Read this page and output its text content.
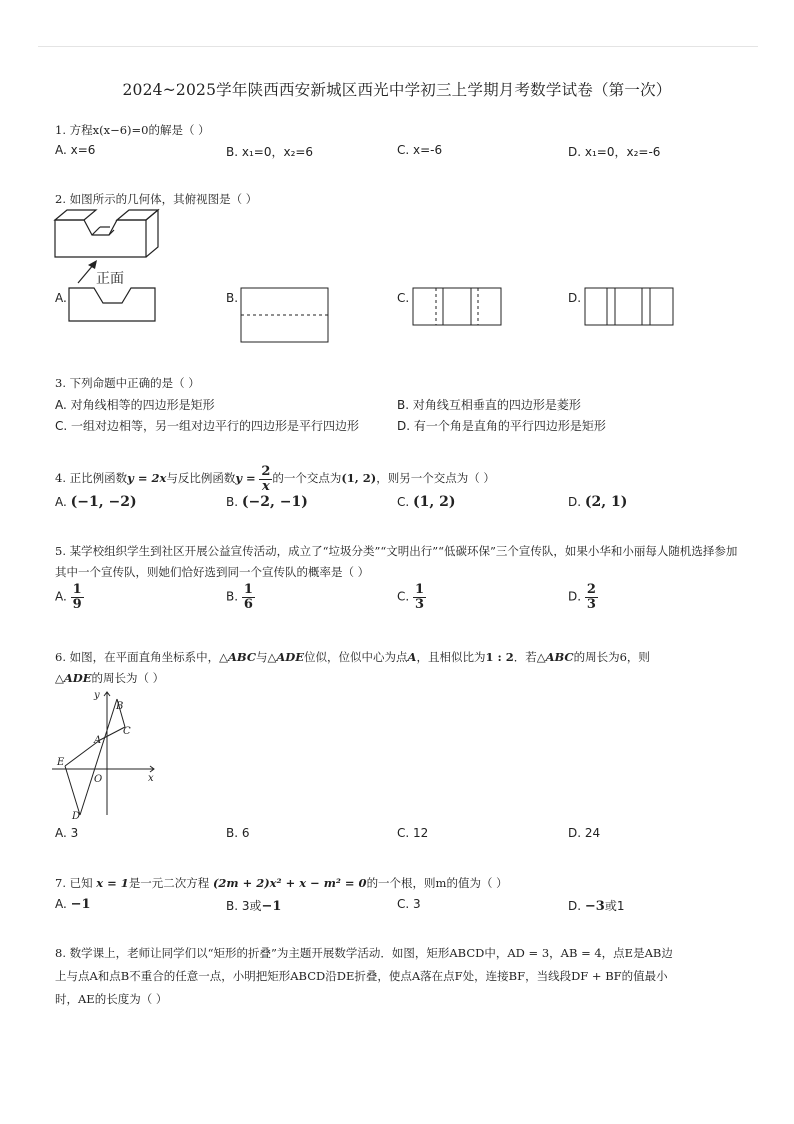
2024~2025学年陕西西安新城区西光中学初三上学期月考数学试卷（第一次）
1. 方程x(x−6)=0的解是（ ）
A. x=6	B. x₁=0，x₂=6	C. x=-6	D. x₁=0，x₂=-6
2. 如图所示的几何体，其俯视图是（ ）
正面
A.	B.	C.	D.
3. 下列命题中正确的是（ ）
A. 对角线相等的四边形是矩形	B. 对角线互相垂直的四边形是菱形
C. 一组对边相等，另一组对边平行的四边形是平行四边形	D. 有一个角是直角的平行四边形是矩形
4. 正比例函数y = 2x与反比例函数$y = \frac{2}{x}$ 的一个交点为(1, 2)，则另一个交点为（ ）
A. (−1, −2)	B. (−2, −1)	C. (1, 2)	D. (2, 1)
5. 某学校组织学生到社区开展公益宣传活动，成立了“垃圾分类”“文明出行”“低碳环保”三个宣传队，如果小华和小丽每人随机选择参加其中一个宣传队，则她们恰好选到同一个宣传队的概率是（ ）
A. $\frac{1}{9}$	B. $\frac{1}{6}$	C. $\frac{1}{3}$	D. $\frac{2}{3}$
6. 如图，在平面直角坐标系中，△ABC与△ADE位似，位似中心为点A，且相似比为1 : 2．若△ABC的周长为6，则
△ADE的周长为（ ）
y
x
O
A
B
C
E
D
A. 3	B. 6	C. 12	D. 24
7. 已知 x = 1是一元二次方程 (2m + 2)x² + x − m² = 0的一个根，则m的值为（ ）
A. −1	B. 3或−1	C. 3	D. −3或1
8. 数学课上，老师让同学们以“矩形的折叠”为主题开展数学活动．如图，矩形ABCD中，AD = 3，AB = 4，点E是AB边
上与点A和点B不重合的任意一点，小明把矩形ABCD沿DE折叠，使点A落在点F处，连接BF，当线段DF + BF的值最小
时，AE的长度为（ ）
